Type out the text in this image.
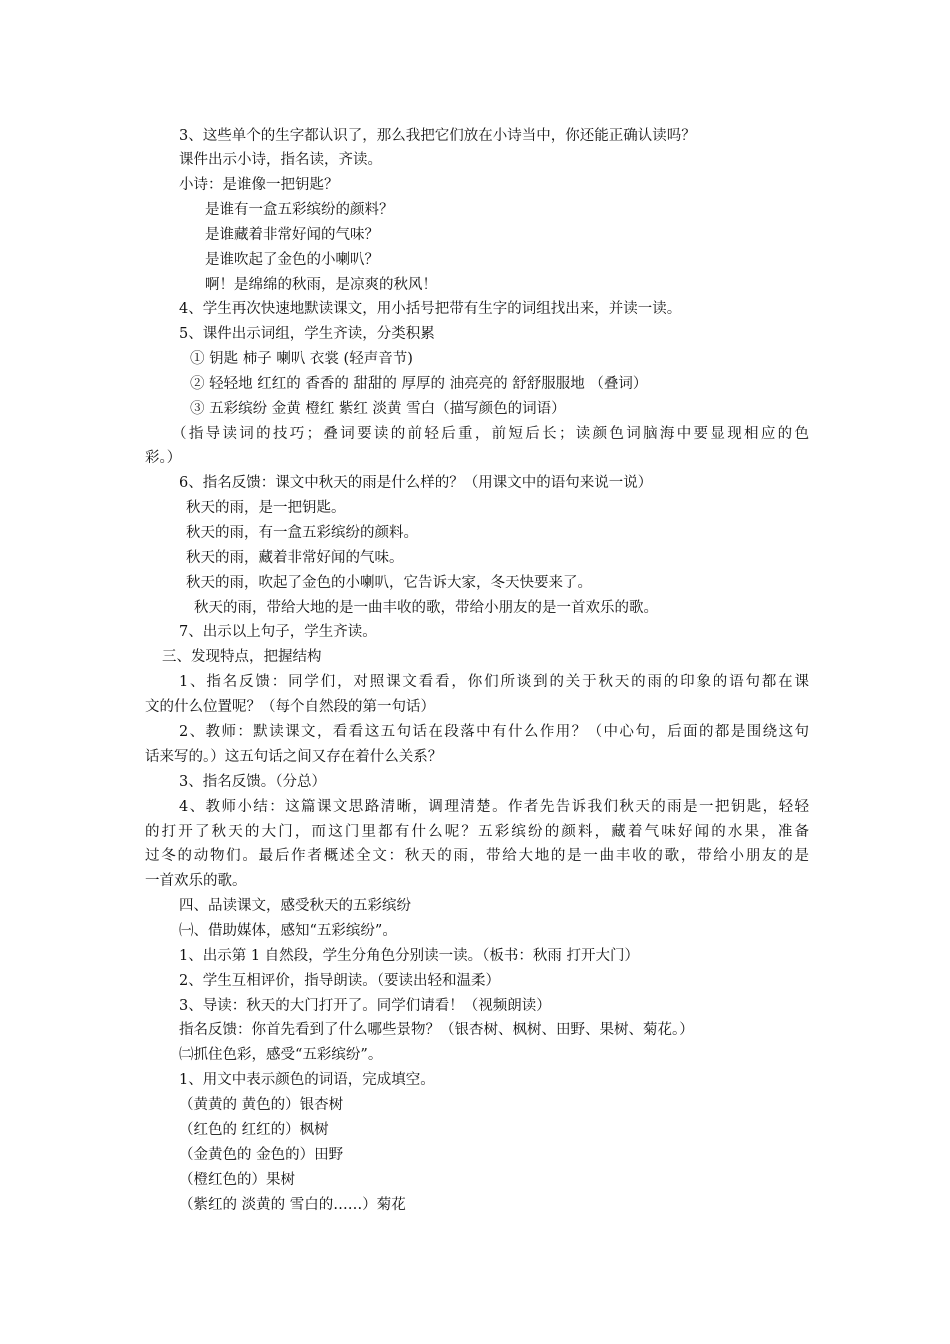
3、这些单个的生字都认识了，那么我把它们放在小诗当中，你还能正确认读吗？
课件出示小诗，指名读，齐读。
小诗：是谁像一把钥匙？
是谁有一盒五彩缤纷的颜料？
是谁藏着非常好闻的气味？
是谁吹起了金色的小喇叭？
啊！是绵绵的秋雨，是凉爽的秋风！
4、学生再次快速地默读课文，用小括号把带有生字的词组找出来，并读一读。
5、课件出示词组，学生齐读，分类积累
① 钥匙 柿子 喇叭 衣裳 (轻声音节)
② 轻轻地 红红的 香香的 甜甜的 厚厚的 油亮亮的 舒舒服服地 （叠词）
③ 五彩缤纷 金黄 橙红 紫红 淡黄 雪白（描写颜色的词语）
（指导读词的技巧；叠词要读的前轻后重，前短后长；读颜色词脑海中要显现相应的色
彩。）
6、指名反馈：课文中秋天的雨是什么样的？（用课文中的语句来说一说）
秋天的雨，是一把钥匙。
秋天的雨，有一盒五彩缤纷的颜料。
秋天的雨，藏着非常好闻的气味。
秋天的雨，吹起了金色的小喇叭，它告诉大家，冬天快要来了。
秋天的雨，带给大地的是一曲丰收的歌，带给小朋友的是一首欢乐的歌。
7、出示以上句子，学生齐读。
三、发现特点，把握结构
1、指名反馈：同学们，对照课文看看，你们所谈到的关于秋天的雨的印象的语句都在课
文的什么位置呢？（每个自然段的第一句话）
2、教师：默读课文，看看这五句话在段落中有什么作用？（中心句，后面的都是围绕这句
话来写的。）这五句话之间又存在着什么关系？
3、指名反馈。（分总）
4、教师小结：这篇课文思路清晰，调理清楚。作者先告诉我们秋天的雨是一把钥匙，轻轻
的打开了秋天的大门，而这门里都有什么呢？五彩缤纷的颜料，藏着气味好闻的水果，准备
过冬的动物们。最后作者概述全文：秋天的雨，带给大地的是一曲丰收的歌，带给小朋友的是
一首欢乐的歌。
四、品读课文，感受秋天的五彩缤纷
㈠、借助媒体，感知“五彩缤纷”。
1、出示第 1 自然段，学生分角色分别读一读。（板书：秋雨 打开大门）
2、学生互相评价，指导朗读。（要读出轻和温柔）
3、导读：秋天的大门打开了。同学们请看！（视频朗读）
指名反馈：你首先看到了什么哪些景物？（银杏树、枫树、田野、果树、菊花。）
㈡抓住色彩，感受“五彩缤纷”。
1、用文中表示颜色的词语，完成填空。
（黄黄的 黄色的）银杏树
（红色的 红红的）枫树
（金黄色的 金色的）田野
（橙红色的）果树
（紫红的 淡黄的 雪白的……）菊花
